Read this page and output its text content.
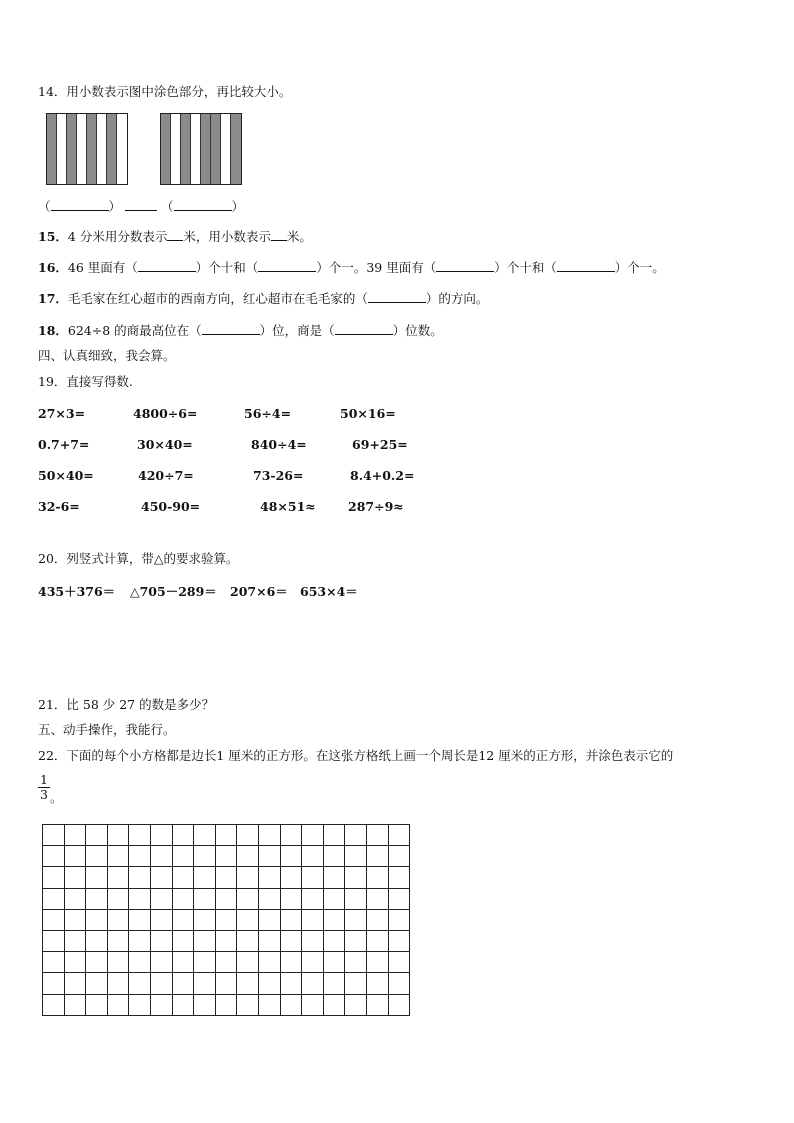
14．用小数表示图中涂色部分，再比较大小。
（	）	（	）
15．4 分米用分数表示 米，用小数表示 米。
16．46 里面有（	）个十和（	）个一。39 里面有（	）个十和（	）个一。
17．毛毛家在红心超市的西南方向，红心超市在毛毛家的（	）的方向。
18．624÷8 的商最高位在（	）位，商是（	）位数。
四、认真细致，我会算。
19．直接写得数.
27×3=	4800÷6=	56÷4=	50×16=
0.7+7=	30×40=	840÷4=	69+25=
50×40=	420÷7=	73-26=	8.4+0.2=
32-6=	450-90=	48×51≈	287÷9≈
20．列竖式计算，带△的要求验算。
435＋376＝ △705－289＝ 207×6＝ 653×4＝
21．比 58 少 27 的数是多少？
五、动手操作，我能行。
22．下面的每个小方格都是边长1 厘米的正方形。在这张方格纸上画一个周长是12 厘米的正方形，并涂色表示它的
$\frac{1}{3}$ 。
